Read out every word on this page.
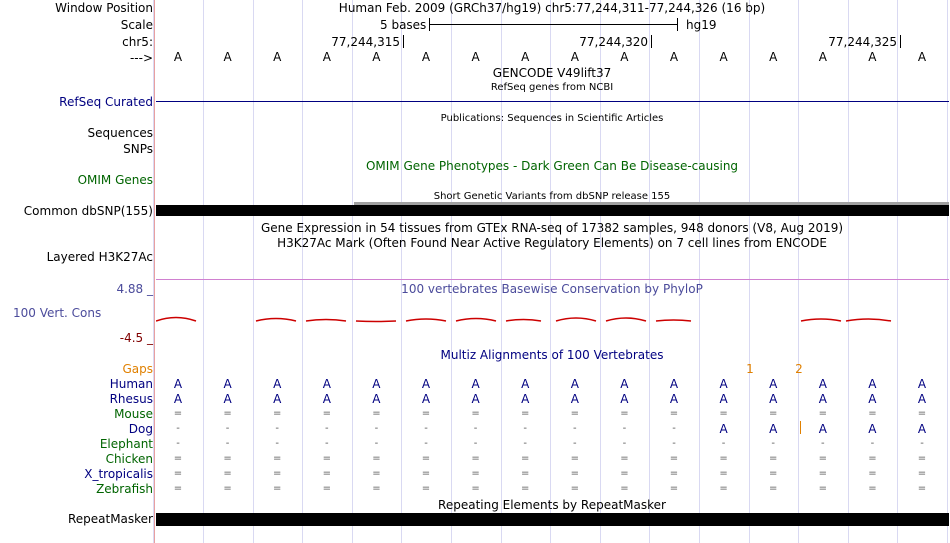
Window Position	Human Feb. 2009 (GRCh37/hg19) chr5:77,244,311-77,244,326 (16 bp)
Scale	5 bases	hg19
chr5:	77,244,315	77,244,320	77,244,325
---> A	A	A	A	A	A	A	A	A	A	A	A	A	A	A	A
GENCODE V49lift37
RefSeq genes from NCBI
RefSeq Curated
Publications: Sequences in Scientific Articles
Sequences
SNPs
OMIM Gene Phenotypes - Dark Green Can Be Disease-causing
OMIM Genes
Short Genetic Variants from dbSNP release 155
Common dbSNP(155)
Gene Expression in 54 tissues from GTEx RNA-seq of 17382 samples, 948 donors (V8, Aug 2019)
H3K27Ac Mark (Often Found Near Active Regulatory Elements) on 7 cell lines from ENCODE
Layered H3K27Ac
4.88 _	100 vertebrates Basewise Conservation by PhyloP
100 Vert. Cons
-4.5 _
Multiz Alignments of 100 Vertebrates
Gaps	1	2
Human A	A	A	A	A	A	A	A	A	A	A	A	A	A	A	A
Rhesus A	A	A	A	A	A	A	A	A	A	A	A	A	A	A	A
Mouse =	=	=	=	=	=	=	=	=	=	=	=	=	=	=	=
Dog	-	-	-	-	-	-	-	-	-	-	-	A	A	A	A	A
Elephant	-	-	-	-	-	-	-	-	-	-	-	-	-	-	-	-
Chicken =	=	=	=	=	=	=	=	=	=	=	=	=	=	=	=
X_tropicalis =	=	=	=	=	=	=	=	=	=	=	=	=	=	=	=
Zebrafish =	=	=	=	=	=	=	=	=	=	=	=	=	=	=	=
Repeating Elements by RepeatMasker
RepeatMasker
